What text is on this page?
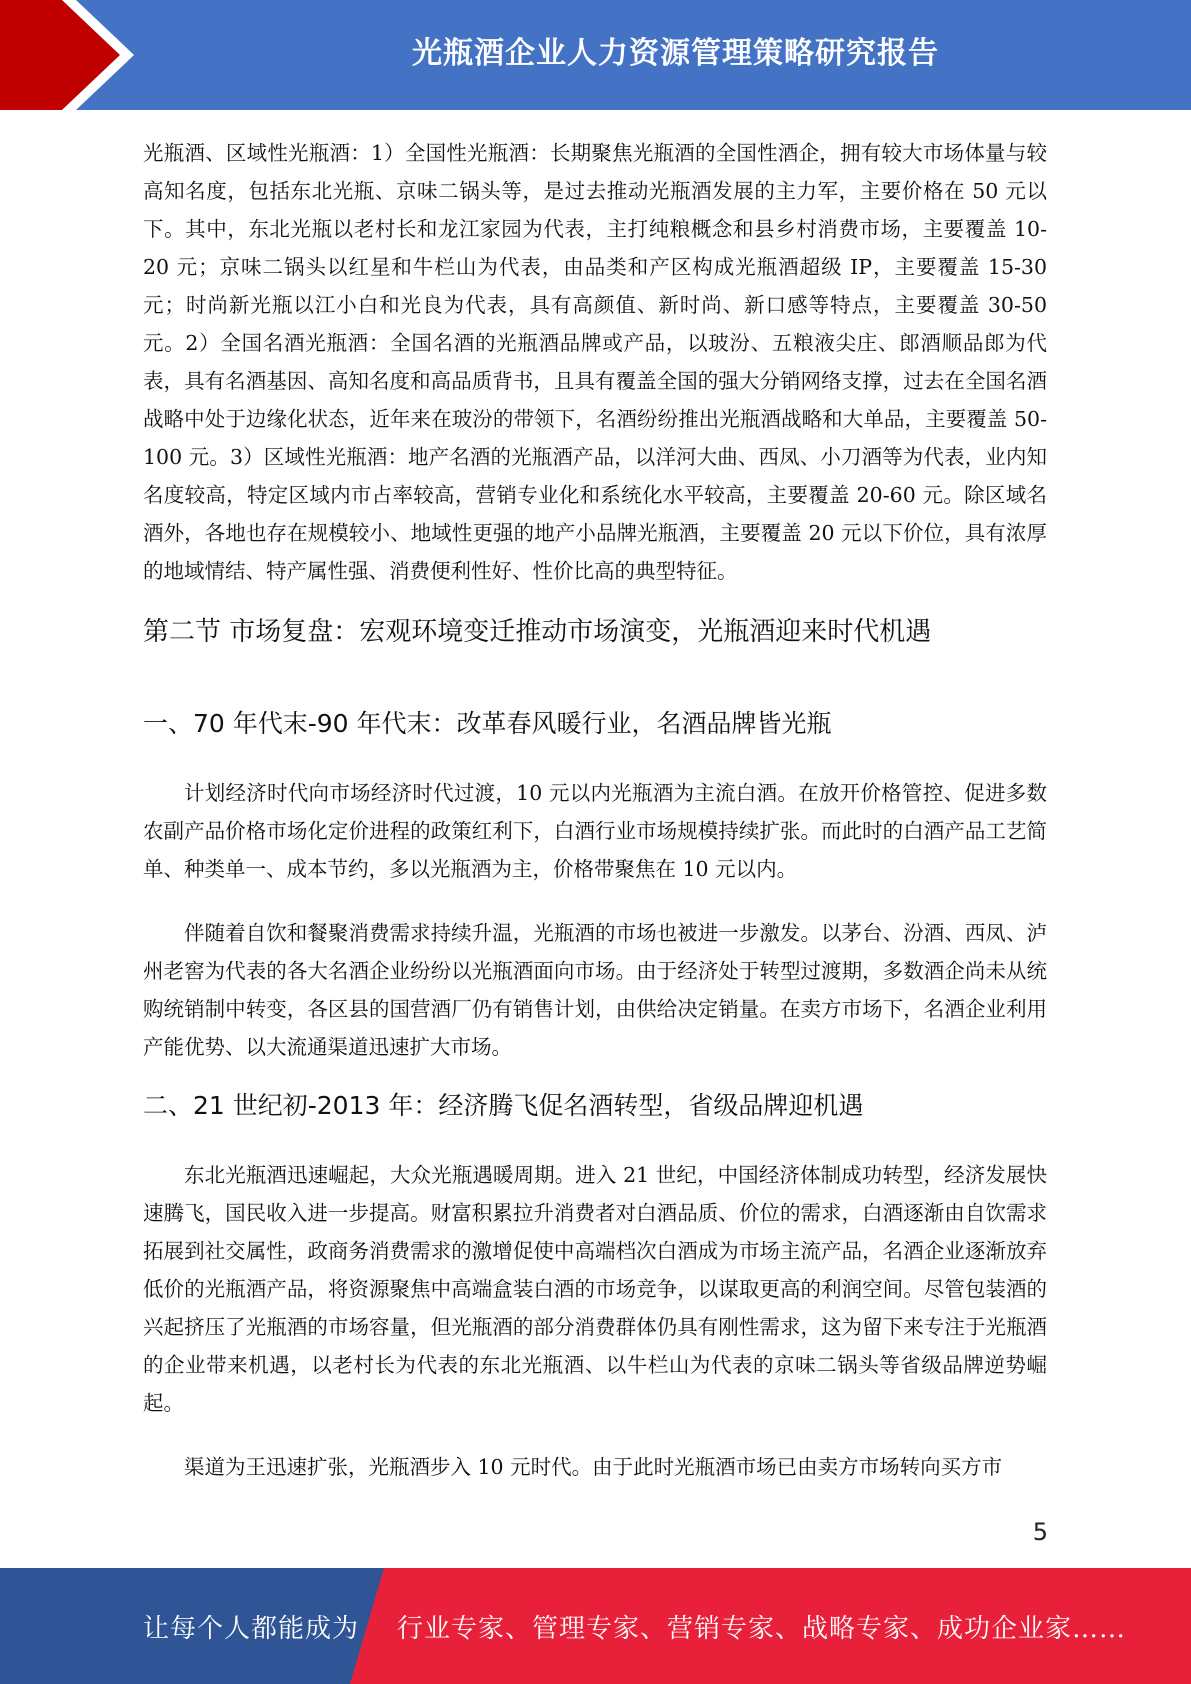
光瓶酒企业人力资源管理策略研究报告

光瓶酒、区域性光瓶酒：1）全国性光瓶酒：长期聚焦光瓶酒的全国性酒企，拥有较大市场体量与较高知名度，包括东北光瓶、京味二锅头等，是过去推动光瓶酒发展的主力军，主要价格在 50 元以下。其中，东北光瓶以老村长和龙江家园为代表，主打纯粮概念和县乡村消费市场，主要覆盖 10-20 元；京味二锅头以红星和牛栏山为代表，由品类和产区构成光瓶酒超级 IP，主要覆盖 15-30 元；时尚新光瓶以江小白和光良为代表，具有高颜值、新时尚、新口感等特点，主要覆盖 30-50 元。2）全国名酒光瓶酒：全国名酒的光瓶酒品牌或产品，以玻汾、五粮液尖庄、郎酒顺品郎为代表，具有名酒基因、高知名度和高品质背书，且具有覆盖全国的强大分销网络支撑，过去在全国名酒战略中处于边缘化状态，近年来在玻汾的带领下，名酒纷纷推出光瓶酒战略和大单品，主要覆盖 50-100 元。3）区域性光瓶酒：地产名酒的光瓶酒产品，以洋河大曲、西凤、小刀酒等为代表，业内知名度较高，特定区域内市占率较高，营销专业化和系统化水平较高，主要覆盖 20-60 元。除区域名酒外，各地也存在规模较小、地域性更强的地产小品牌光瓶酒，主要覆盖 20 元以下价位，具有浓厚的地域情结、特产属性强、消费便利性好、性价比高的典型特征。

第二节 市场复盘：宏观环境变迁推动市场演变，光瓶酒迎来时代机遇
一、70 年代末-90 年代末：改革春风暖行业，名酒品牌皆光瓶

计划经济时代向市场经济时代过渡，10 元以内光瓶酒为主流白酒。在放开价格管控、促进多数农副产品价格市场化定价进程的政策红利下，白酒行业市场规模持续扩张。而此时的白酒产品工艺简单、种类单一、成本节约，多以光瓶酒为主，价格带聚焦在 10 元以内。

伴随着自饮和餐聚消费需求持续升温，光瓶酒的市场也被进一步激发。以茅台、汾酒、西凤、泸州老窖为代表的各大名酒企业纷纷以光瓶酒面向市场。由于经济处于转型过渡期，多数酒企尚未从统购统销制中转变，各区县的国营酒厂仍有销售计划，由供给决定销量。在卖方市场下，名酒企业利用产能优势、以大流通渠道迅速扩大市场。

二、21 世纪初-2013 年：经济腾飞促名酒转型，省级品牌迎机遇

东北光瓶酒迅速崛起，大众光瓶遇暖周期。进入 21 世纪，中国经济体制成功转型，经济发展快速腾飞，国民收入进一步提高。财富积累拉升消费者对白酒品质、价位的需求，白酒逐渐由自饮需求拓展到社交属性，政商务消费需求的激增促使中高端档次白酒成为市场主流产品，名酒企业逐渐放弃低价的光瓶酒产品，将资源聚焦中高端盒装白酒的市场竞争，以谋取更高的利润空间。尽管包装酒的兴起挤压了光瓶酒的市场容量，但光瓶酒的部分消费群体仍具有刚性需求，这为留下来专注于光瓶酒的企业带来机遇，以老村长为代表的东北光瓶酒、以牛栏山为代表的京味二锅头等省级品牌逆势崛起。

渠道为王迅速扩张，光瓶酒步入 10 元时代。由于此时光瓶酒市场已由卖方市场转向买方市

5
让每个人都能成为 行业专家、管理专家、营销专家、战略专家、成功企业家……
